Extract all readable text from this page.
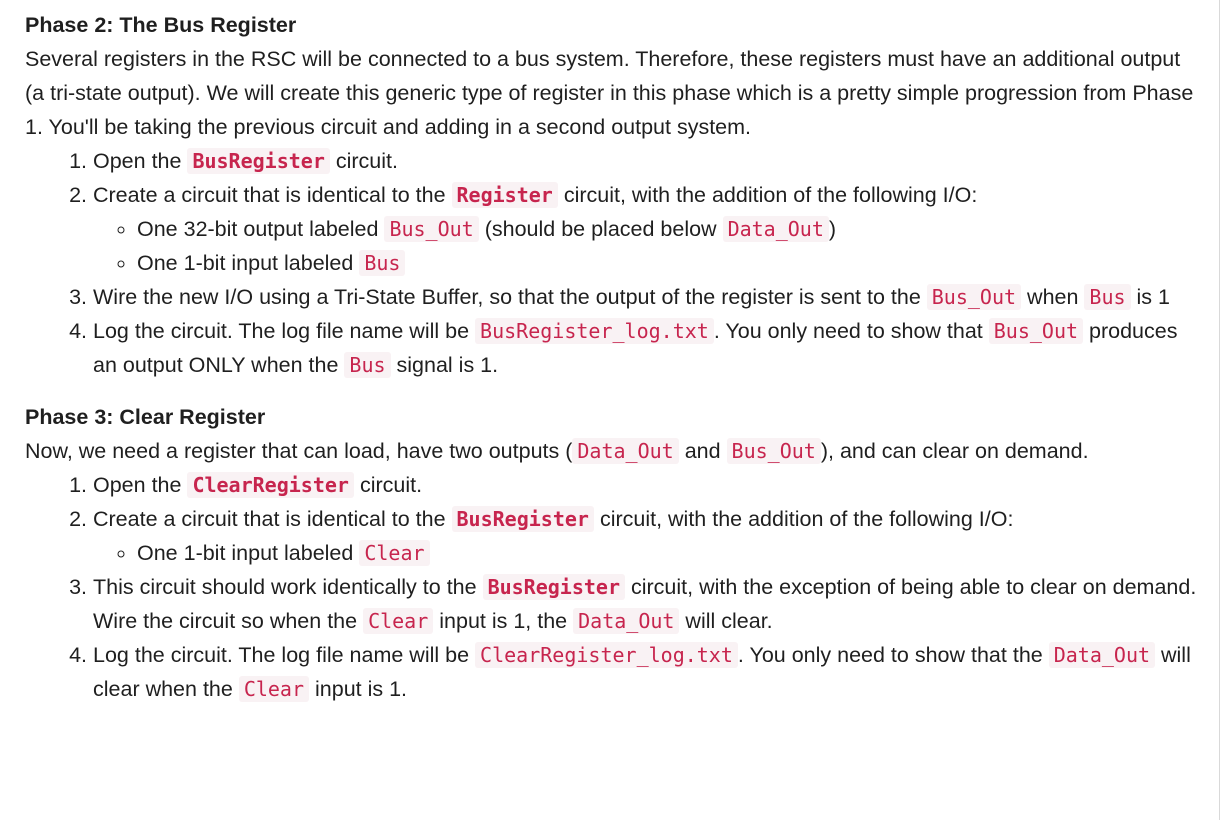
Phase 2: The Bus Register

Several registers in the RSC will be connected to a bus system. Therefore, these registers must have an additional output (a tri-state output). We will create this generic type of register in this phase which is a pretty simple progression from Phase 1. You'll be taking the previous circuit and adding in a second output system.

1. Open the BusRegister circuit.
2. Create a circuit that is identical to the Register circuit, with the addition of the following I/O:
◦ One 32-bit output labeled Bus_Out (should be placed below Data_Out )
◦ One 1-bit input labeled Bus
3. Wire the new I/O using a Tri-State Buffer, so that the output of the register is sent to the Bus_Out when Bus is 1
4. Log the circuit. The log file name will be BusRegister_log.txt . You only need to show that Bus_Out produces an output ONLY when the Bus signal is 1.
Phase 3: Clear Register

Now, we need a register that can load, have two outputs ( Data_Out and Bus_Out ), and can clear on demand.

1. Open the ClearRegister circuit.
2. Create a circuit that is identical to the BusRegister circuit, with the addition of the following I/O:
◦ One 1-bit input labeled Clear
3. This circuit should work identically to the BusRegister circuit, with the exception of being able to clear on demand. Wire the circuit so when the Clear input is 1, the Data_Out will clear.
4. Log the circuit. The log file name will be ClearRegister_log.txt . You only need to show that the Data_Out will clear when the Clear input is 1.
